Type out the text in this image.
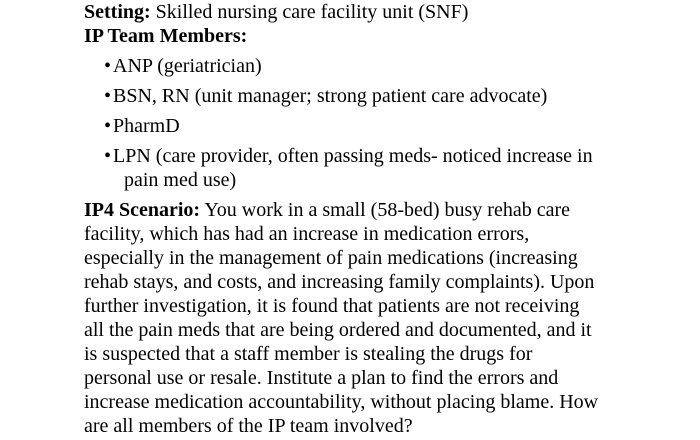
Setting: Skilled nursing care facility unit (SNF)
IP Team Members:
•ANP (geriatrician)
•BSN, RN (unit manager; strong patient care advocate)
•PharmD
•LPN (care provider, often passing meds- noticed increase in
pain med use)
IP4 Scenario: You work in a small (58-bed) busy rehab care
facility, which has had an increase in medication errors,
especially in the management of pain medications (increasing
rehab stays, and costs, and increasing family complaints). Upon
further investigation, it is found that patients are not receiving
all the pain meds that are being ordered and documented, and it
is suspected that a staff member is stealing the drugs for
personal use or resale. Institute a plan to find the errors and
increase medication accountability, without placing blame. How
are all members of the IP team involved?
